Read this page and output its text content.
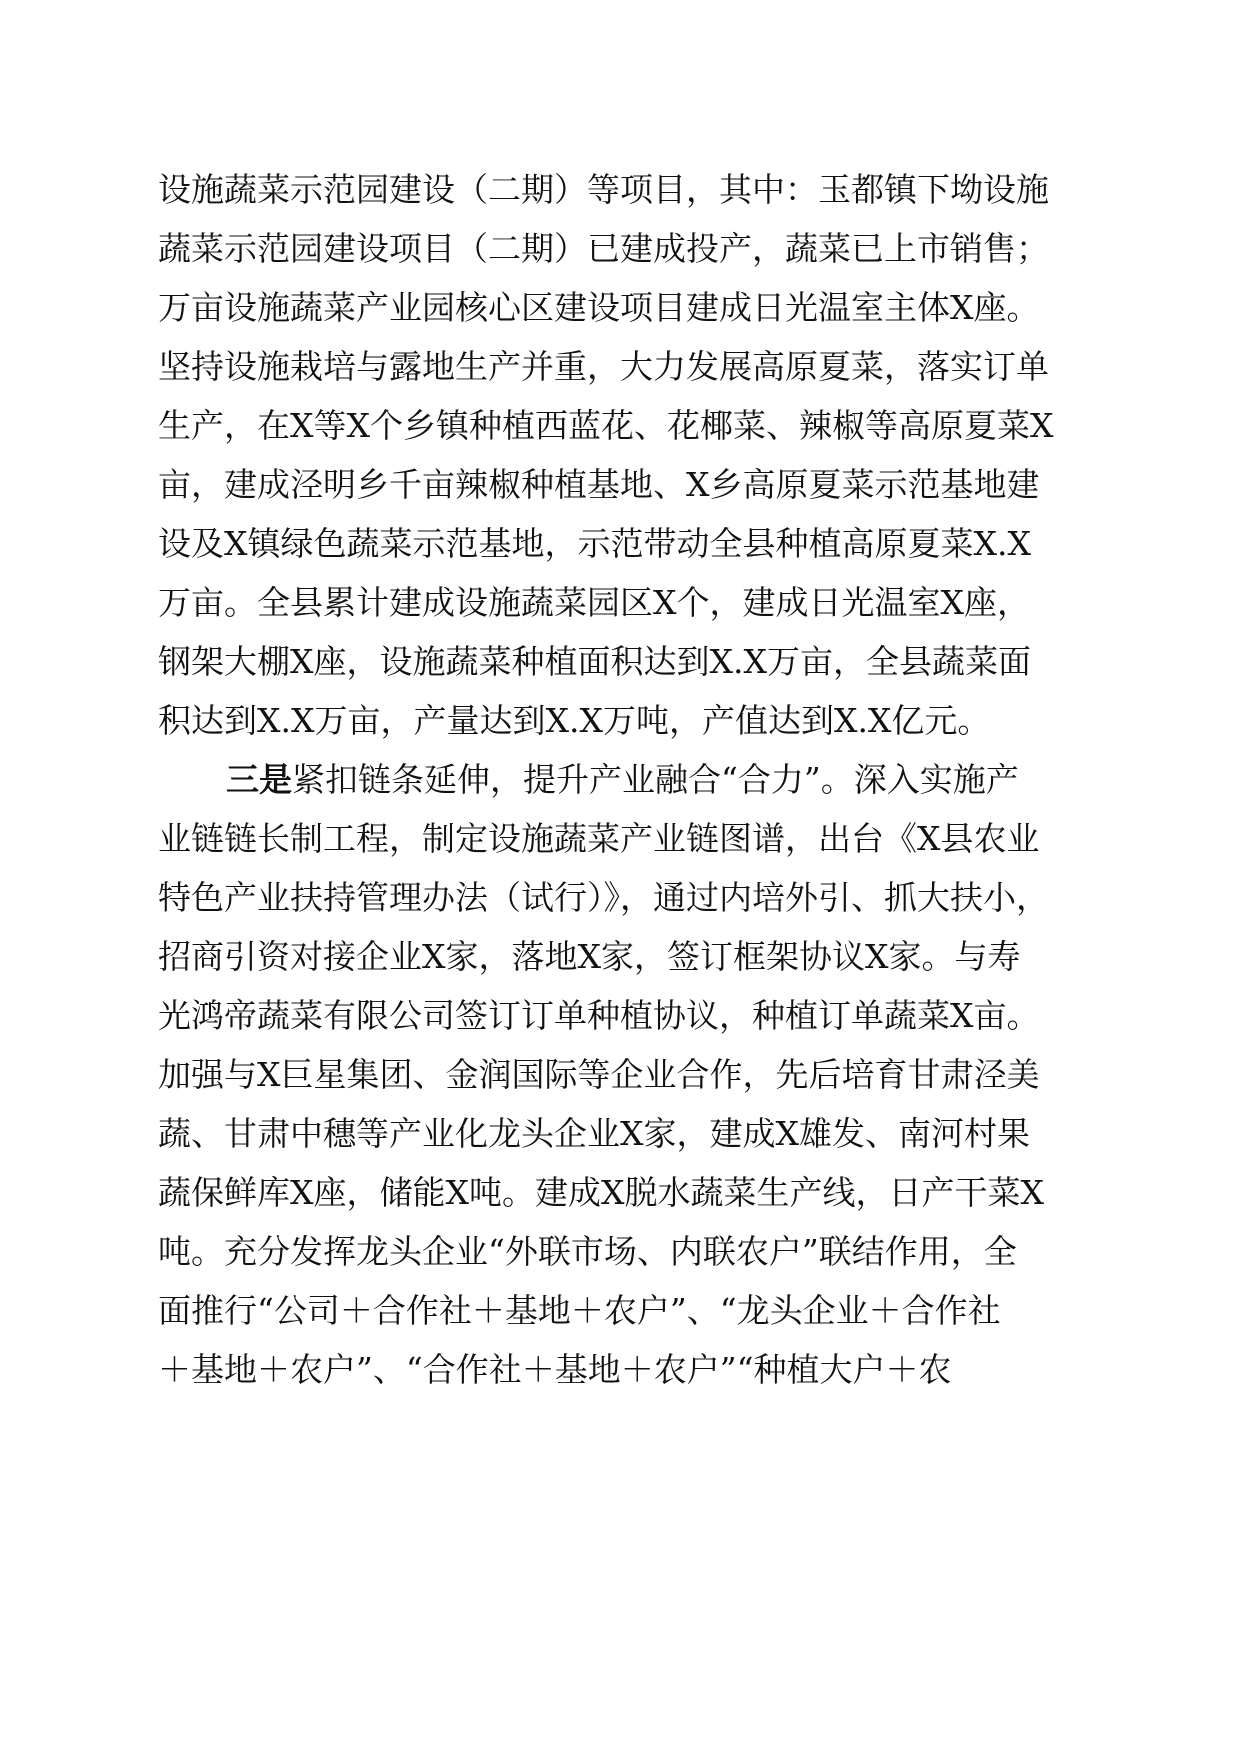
设施蔬菜示范园建设（二期）等项目，其中：玉都镇下坳设施
蔬菜示范园建设项目（二期）已建成投产，蔬菜已上市销售；
万亩设施蔬菜产业园核心区建设项目建成日光温室主体X座。
坚持设施栽培与露地生产并重，大力发展高原夏菜，落实订单
生产，在X等X个乡镇种植西蓝花、花椰菜、辣椒等高原夏菜X
亩，建成泾明乡千亩辣椒种植基地、X乡高原夏菜示范基地建
设及X镇绿色蔬菜示范基地，示范带动全县种植高原夏菜X.X
万亩。全县累计建成设施蔬菜园区X个，建成日光温室X座，
钢架大棚X座，设施蔬菜种植面积达到X.X万亩，全县蔬菜面
积达到X.X万亩，产量达到X.X万吨，产值达到X.X亿元。
三是紧扣链条延伸，提升产业融合“合力”。深入实施产
业链链长制工程，制定设施蔬菜产业链图谱，出台《X县农业
特色产业扶持管理办法（试行）》，通过内培外引、抓大扶小，
招商引资对接企业X家，落地X家，签订框架协议X家。与寿
光鸿帝蔬菜有限公司签订订单种植协议，种植订单蔬菜X亩。
加强与X巨星集团、金润国际等企业合作，先后培育甘肃泾美
蔬、甘肃中穗等产业化龙头企业X家，建成X雄发、南河村果
蔬保鲜库X座，储能X吨。建成X脱水蔬菜生产线，日产干菜X
吨。充分发挥龙头企业“外联市场、内联农户”联结作用，全
面推行“公司＋合作社＋基地＋农户”、“龙头企业＋合作社
＋基地＋农户”、“合作社＋基地＋农户”“种植大户＋农
